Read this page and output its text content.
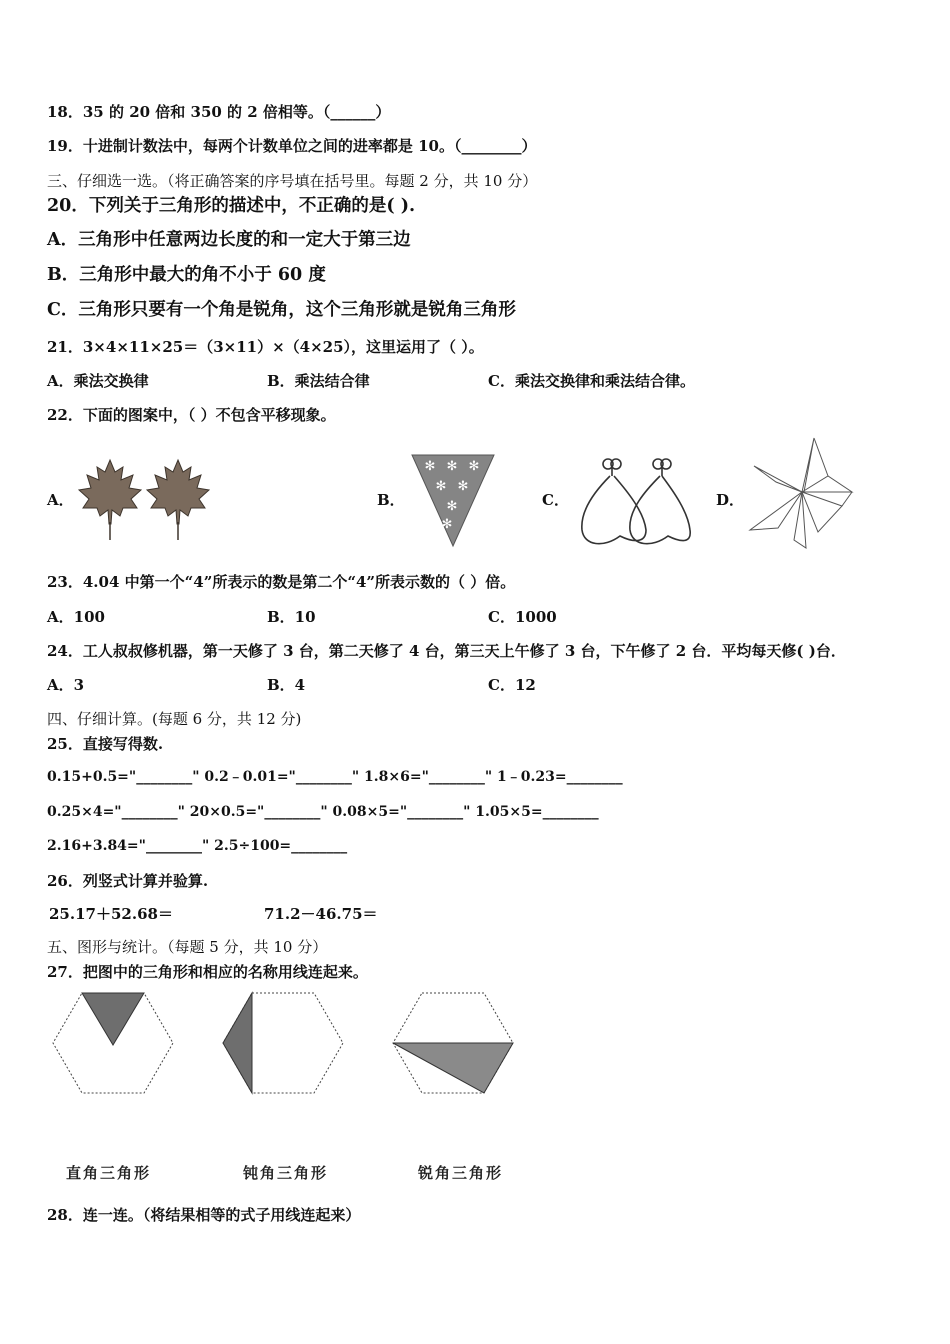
18．35 的 20 倍和 350 的 2 倍相等。（______）
19．十进制计数法中，每两个计数单位之间的进率都是 10。（________）
三、仔细选一选。（将正确答案的序号填在括号里。每题 2 分，共 10 分）
20．下列关于三角形的描述中，不正确的是( ).
A．三角形中任意两边长度的和一定大于第三边
B．三角形中最大的角不小于 60 度
C．三角形只要有一个角是锐角，这个三角形就是锐角三角形
21．3×4×11×25＝（3×11）×（4×25），这里运用了（ ）。
A．乘法交换律	B．乘法结合律	C．乘法交换律和乘法结合律。
22．下面的图案中，（ ）不包含平移现象。
A．	B．	C．	D．
✻ ✻ ✻
✻ ✻
✻
✻
23．4.04 中第一个“4”所表示的数是第二个“4”所表示数的（ ）倍。
A．100	B．10	C．1000
24．工人叔叔修机器，第一天修了 3 台，第二天修了 4 台，第三天上午修了 3 台，下午修了 2 台．平均每天修( )台．
A．3	B．4	C．12
四、仔细计算。(每题 6 分，共 12 分)
25．直接写得数.
0.15+0.5="________" 0.2﹣0.01="________" 1.8×6="________" 1﹣0.23=________
0.25×4="________" 20×0.5="________" 0.08×5="________" 1.05×5=________
2.16+3.84="________" 2.5÷100=________
26．列竖式计算并验算.
25.17＋52.68＝	71.2－46.75＝
五、图形与统计。（每题 5 分，共 10 分）
27．把图中的三角形和相应的名称用线连起来。
直角三角形	钝角三角形	锐角三角形
28．连一连。（将结果相等的式子用线连起来）
